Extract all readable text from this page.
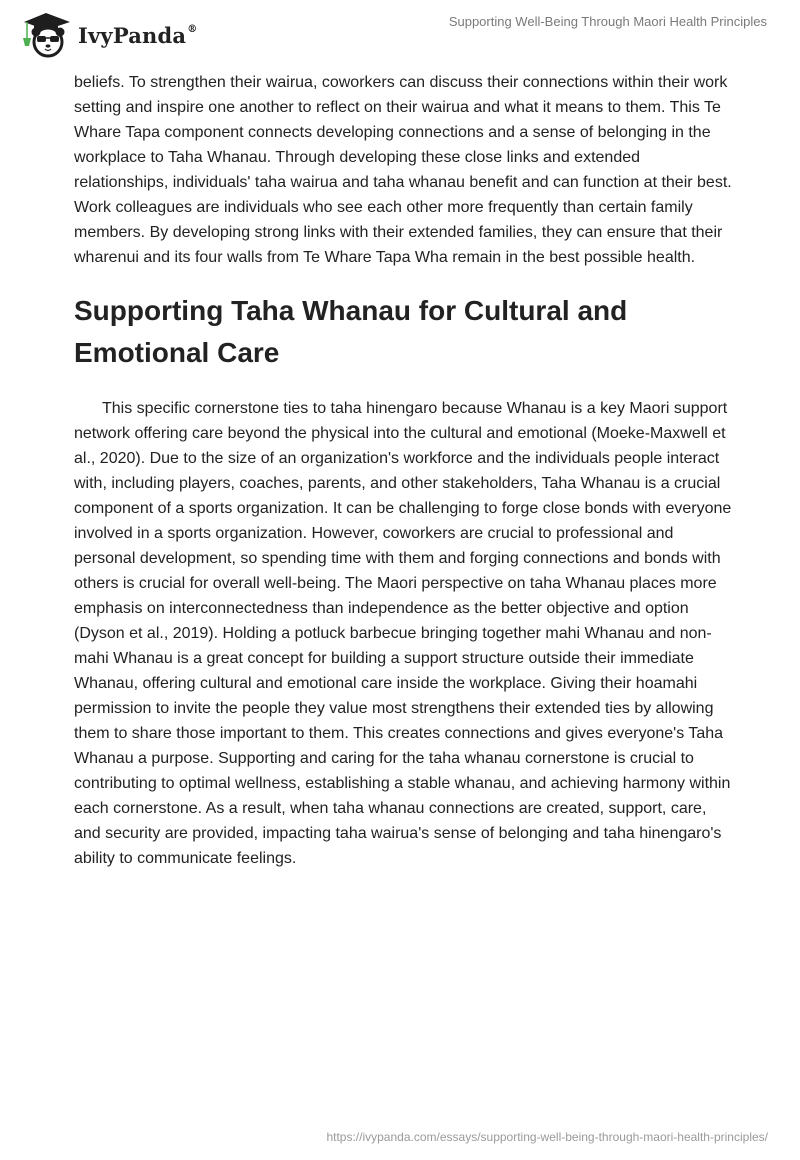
IvyPanda®	Supporting Well-Being Through Maori Health Principles

beliefs. To strengthen their wairua, coworkers can discuss their connections within their work setting and inspire one another to reflect on their wairua and what it means to them. This Te Whare Tapa component connects developing connections and a sense of belonging in the workplace to Taha Whanau. Through developing these close links and extended relationships, individuals' taha wairua and taha whanau benefit and can function at their best. Work colleagues are individuals who see each other more frequently than certain family members. By developing strong links with their extended families, they can ensure that their wharenui and its four walls from Te Whare Tapa Wha remain in the best possible health.

Supporting Taha Whanau for Cultural and Emotional Care

This specific cornerstone ties to taha hinengaro because Whanau is a key Maori support network offering care beyond the physical into the cultural and emotional (Moeke-Maxwell et al., 2020). Due to the size of an organization's workforce and the individuals people interact with, including players, coaches, parents, and other stakeholders, Taha Whanau is a crucial component of a sports organization. It can be challenging to forge close bonds with everyone involved in a sports organization. However, coworkers are crucial to professional and personal development, so spending time with them and forging connections and bonds with others is crucial for overall well-being. The Maori perspective on taha Whanau places more emphasis on interconnectedness than independence as the better objective and option (Dyson et al., 2019). Holding a potluck barbecue bringing together mahi Whanau and non-mahi Whanau is a great concept for building a support structure outside their immediate Whanau, offering cultural and emotional care inside the workplace. Giving their hoamahi permission to invite the people they value most strengthens their extended ties by allowing them to share those important to them. This creates connections and gives everyone's Taha Whanau a purpose. Supporting and caring for the taha whanau cornerstone is crucial to contributing to optimal wellness, establishing a stable whanau, and achieving harmony within each cornerstone. As a result, when taha whanau connections are created, support, care, and security are provided, impacting taha wairua's sense of belonging and taha hinengaro's ability to communicate feelings.

https://ivypanda.com/essays/supporting-well-being-through-maori-health-principles/
